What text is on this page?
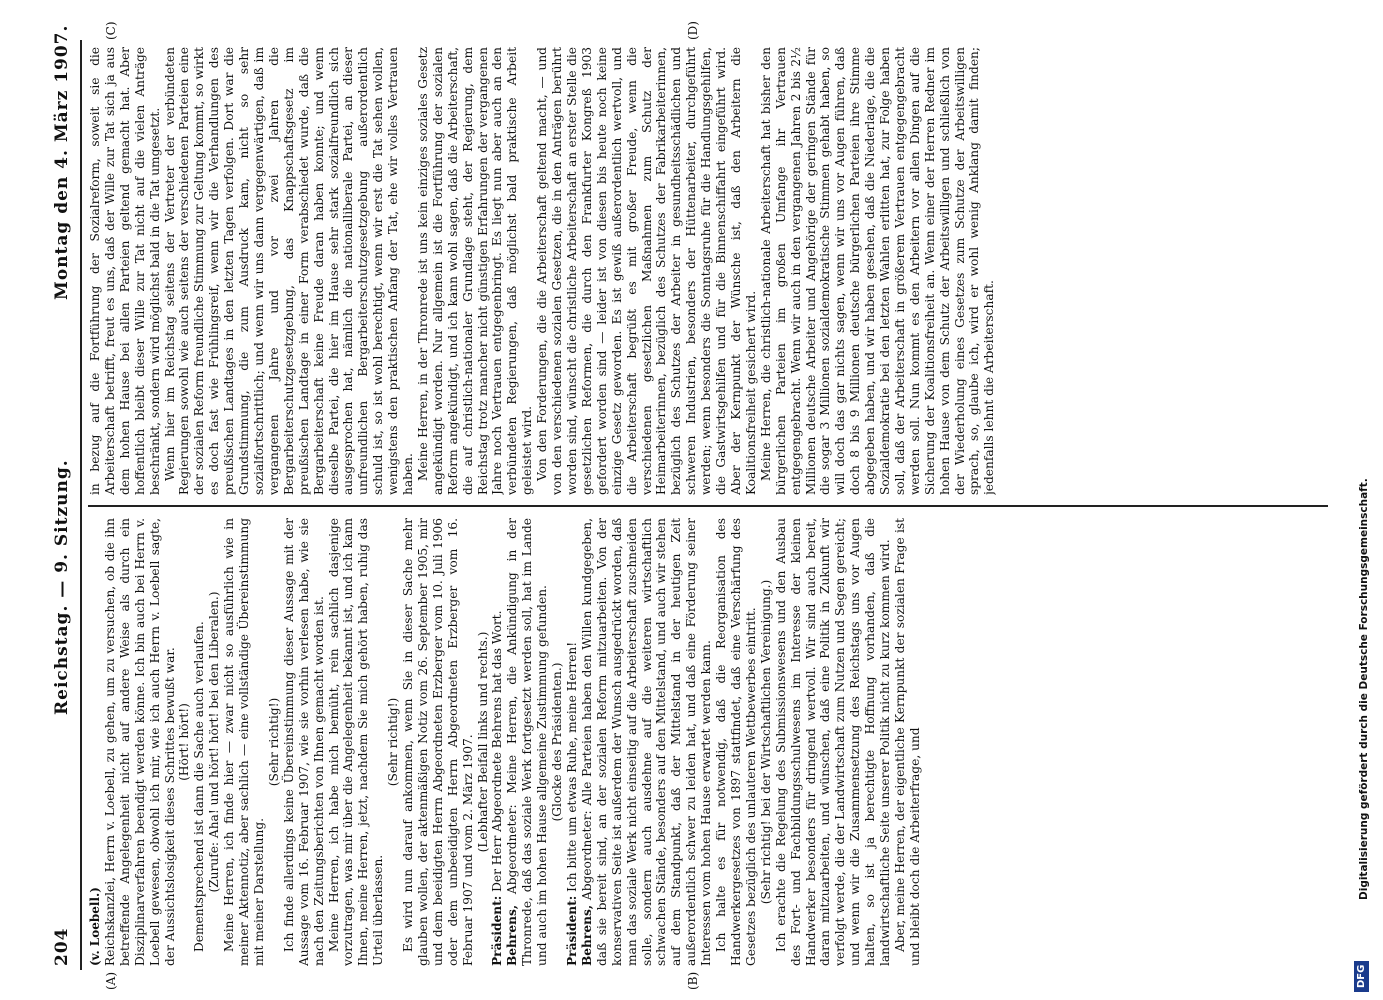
204
Reichstag. — 9. Sitzung.
Montag den 4. März 1907.
(A)	(B)
(C)	(D)
(v. Loebell.) Reichskanzlei, Herrn v. Loebell, zu gehen, um zu versuchen, ob die ihn betreffende Angelegenheit nicht auf andere Weise als durch ein Disziplinarverfahren beendigt werden könne. Ich bin auch bei Herrn v. Loebell gewesen, obwohl ich mir, wie ich auch Herrn v. Loebell sagte, der Aussichtslosigkeit dieses Schrittes bewußt war. (Hört! hört!) Dementsprechend ist dann die Sache auch verlaufen. (Zurufe: Aha! und hört! hört! bei den Liberalen.) Meine Herren, ich finde hier — zwar nicht so ausführlich wie in meiner Aktennotiz, aber sachlich — eine vollständige Übereinstimmung mit meiner Darstellung.

(Sehr richtig!) Ich finde allerdings keine Übereinstimmung dieser Aussage mit der Aussage vom 16. Februar 1907, wie sie vorhin verlesen habe, wie sie nach den Zeitungsberichten von Ihnen gemacht worden ist. Meine Herren, ich habe mich bemüht, rein sachlich dasjenige vorzutragen, was mir über die Angelegenheit bekannt ist, und ich kann Ihnen, meine Herren, jetzt, nachdem Sie mich gehört haben, ruhig das Urteil überlassen.

(Sehr richtig!) Es wird nun darauf ankommen, wenn Sie in dieser Sache mehr glauben wollen, der aktenmäßigen Notiz vom 26. September 1905, mir und dem beeidigten Herrn Abgeordneten Erzberger vom 10. Juli 1906 oder dem unbeeidigten Herrn Abgeordneten Erzberger vom 16. Februar 1907 und vom 2. März 1907. (Lebhafter Beifall links und rechts.)

Präsident: Der Herr Abgeordnete Behrens hat das Wort.

Behrens, Abgeordneter: Meine Herren, die Ankündigung in der Thronrede, daß das soziale Werk fortgesetzt werden soll, hat im Lande und auch im hohen Hause allgemeine Zustimmung gefunden. (Glocke des Präsidenten.)

Präsident: Ich bitte um etwas Ruhe, meine Herren!

Behrens, Abgeordneter: Alle Parteien haben den Willen kundgegeben, daß sie bereit sind, an der sozialen Reform mitzuarbeiten. Von der konservativen Seite ist außerdem der Wunsch ausgedrückt worden, daß man das soziale Werk nicht einseitig auf die Arbeiterschaft zuschneiden solle, sondern auch ausdehne auf die weiteren wirtschaftlich schwachen Stände, besonders auf den Mittelstand, und auch wir stehen auf dem Standpunkt, daß der Mittelstand in der heutigen Zeit außerordentlich schwer zu leiden hat, und daß eine Förderung seiner Interessen vom hohen Hause erwartet werden kann. Ich halte es für notwendig, daß die Reorganisation des Handwerkergesetzes von 1897 stattfindet, daß eine Verschärfung des Gesetzes bezüglich des unlauteren Wettbewerbes eintritt. (Sehr richtig! bei der Wirtschaftlichen Vereinigung.) Ich erachte die Regelung des Submissionswesens und den Ausbau des Fort- und Fachbildungsschulwesens im Interesse der kleinen Handwerker besonders für dringend wertvoll. Wir sind auch bereit, daran mitzuarbeiten, und wünschen, daß eine Politik in Zukunft wir verfolgt werde, die der Landwirtschaft zum Nutzen und Segen gereicht; und wenn wir die Zusammensetzung des Reichstags uns vor Augen halten, so ist ja berechtigte Hoffnung vorhanden, daß die landwirtschaftliche Seite unserer Politik nicht zu kurz kommen wird. Aber, meine Herren, der eigentliche Kernpunkt der sozialen Frage ist und bleibt doch die Arbeiterfrage, und

in bezug auf die Fortführung der Sozialreform, soweit sie die Arbeiterschaft betrifft, freut es uns, daß der Wille zur Tat sich ja aus dem hohen Hause bei allen Parteien geltend gemacht hat. Aber hoffentlich bleibt dieser Wille zur Tat nicht auf die vielen Anträge beschränkt, sondern wird möglichst bald in die Tat umgesetzt. Wenn hier im Reichstag seitens der Vertreter der verbündeten Regierungen sowohl wie auch seitens der verschiedenen Parteien eine der sozialen Reform freundliche Stimmung zur Geltung kommt, so wirkt es doch fast wie Frühlingsreif, wenn wir die Verhandlungen des preußischen Landtages in den letzten Tagen verfolgen. Dort war die Grundstimmung, die zum Ausdruck kam, nicht so sehr sozialfortschrittlich; und wenn wir uns dann vergegenwärtigen, daß im vergangenen Jahre und vor zwei Jahren die Bergarbeiterschutzgesetzgebung, das Knappschaftsgesetz im preußischen Landtage in einer Form verabschiedet wurde, daß die Bergarbeiterschaft keine Freude daran haben konnte; und wenn dieselbe Partei, die hier im Hause sehr stark sozialfreundlich sich ausgesprochen hat, nämlich die nationalliberale Partei, an dieser unfreundlichen Bergarbeiterschutzgesetzgebung außerordentlich schuld ist, so ist wohl berechtigt, wenn wir erst die Tat sehen wollen, wenigstens den praktischen Anfang der Tat, ehe wir volles Vertrauen haben. Meine Herren, in der Thronrede ist uns kein einziges soziales Gesetz angekündigt worden. Nur allgemein ist die Fortführung der sozialen Reform angekündigt, und ich kann wohl sagen, daß die Arbeiterschaft, die auf christlich-nationaler Grundlage steht, der Regierung, dem Reichstag trotz mancher nicht günstigen Erfahrungen der vergangenen Jahre noch Vertrauen entgegenbringt. Es liegt nun aber auch an den verbündeten Regierungen, daß möglichst bald praktische Arbeit geleistet wird. Von den Forderungen, die die Arbeiterschaft geltend macht, — und von den verschiedenen sozialen Gesetzen, die in den Anträgen berührt worden sind, wünscht die christliche Arbeiterschaft an erster Stelle die gesetzlichen Reformen, die durch den Frankfurter Kongreß 1903 gefordert worden sind — leider ist von diesen bis heute noch keine einzige Gesetz geworden. Es ist gewiß außerordentlich wertvoll, und die Arbeiterschaft begrüßt es mit großer Freude, wenn die verschiedenen gesetzlichen Maßnahmen zum Schutz der Heimarbeiterinnen, bezüglich des Schutzes der Fabrikarbeiterinnen, bezüglich des Schutzes der Arbeiter in gesundheitsschädlichen und schweren Industrien, besonders der Hüttenarbeiter, durchgeführt werden; wenn besonders die Sonntagsruhe für die Handlungsgehilfen, die Gastwirtsgehilfen und für die Binnenschiffahrt eingeführt wird. Aber der Kernpunkt der Wünsche ist, daß den Arbeitern die Koalitionsfreiheit gesichert wird. Meine Herren, die christlich-nationale Arbeiterschaft hat bisher den bürgerlichen Parteien im großen Umfange ihr Vertrauen entgegengebracht. Wenn wir auch in den vergangenen Jahren 2 bis 2½ Millionen deutsche Arbeiter und Angehörige der geringen Stände für die sogar 3 Millionen sozialdemokratische Stimmen gehabt haben, so will doch das gar nichts sagen, wenn wir uns vor Augen führen, daß doch 8 bis 9 Millionen deutsche bürgerlichen Parteien ihre Stimme abgegeben haben, und wir haben gesehen, daß die Niederlage, die die Sozialdemokratie bei den letzten Wahlen erlitten hat, zur Folge haben soll, daß der Arbeiterschaft in größerem Vertrauen entgegengebracht werden soll. Nun kommt es den Arbeitern vor allen Dingen auf die Sicherung der Koalitionsfreiheit an. Wenn einer der Herren Redner im hohen Hause von dem Schutz der Arbeitswilligen und schließlich von der Wiederholung eines Gesetzes zum Schutze der Arbeitswilligen sprach, so, glaube ich, wird er wohl wenig Anklang damit finden; jedenfalls lehnt die Arbeiterschaft.

Digitalisierung gefördert durch die Deutsche Forschungsgemeinschaft.
DFG
